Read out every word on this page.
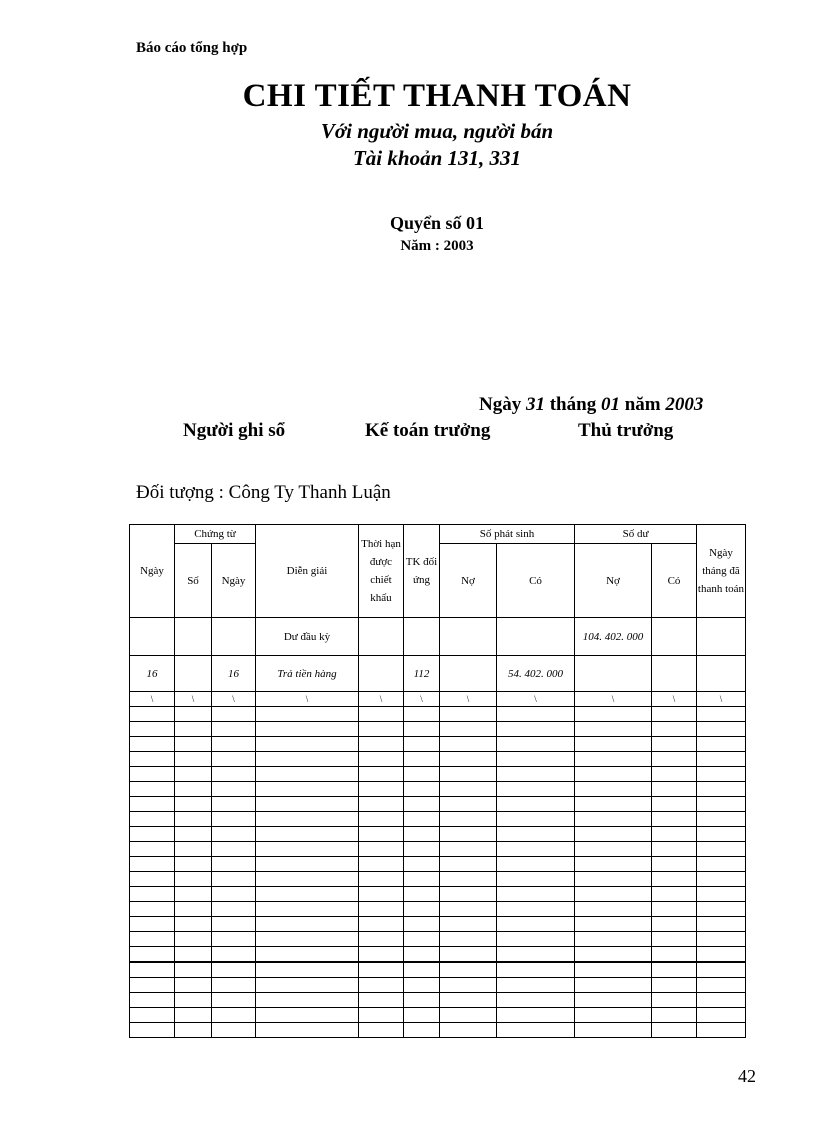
Báo cáo tổng hợp
CHI TIẾT THANH TOÁN
Với người mua, người bán
Tài khoản 131, 331
Quyển số 01
Năm : 2003
Ngày 31 tháng 01 năm 2003
Người ghi sổ	Kế toán trưởng	Thủ trưởng
Đối tượng : Công Ty Thanh Luận
Ngày	Chứng từ		Diễn giải	Thời hạn được chiết khấu	TK đối ứng	Số phát sinh		Số dư		Ngày tháng đã thanh toán
	Số	Ngày				Nợ	Có	Nợ	Có	
			Dư đầu kỳ					104. 402. 000		
16		16	Trả tiền hàng		112		54. 402. 000			
\	\	\	\	\	\	\	\	\	\	\

42
